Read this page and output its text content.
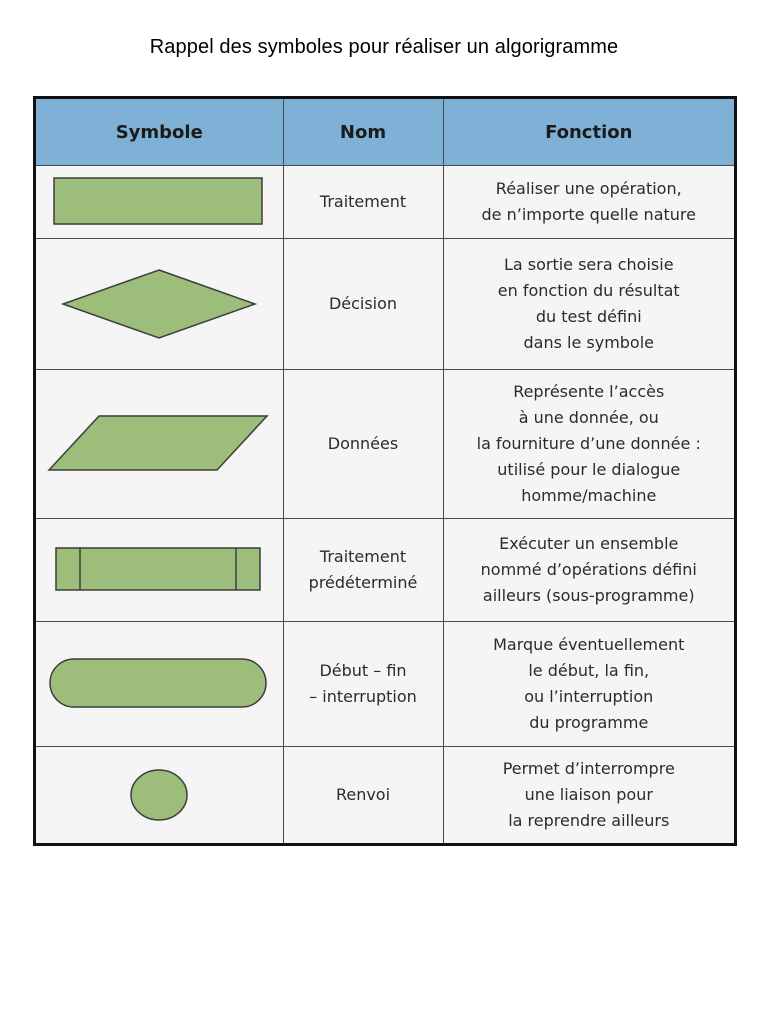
Rappel des symboles pour réaliser un algorigramme
Symbole	Nom	Fonction

	Traitement	Réaliser une opération,
de n’importe quelle nature

	Décision	La sortie sera choisie
en fonction du résultat
du test défini
dans le symbole

	Données	Représente l’accès
à une donnée, ou
la fourniture d’une donnée :
utilisé pour le dialogue
homme/machine

	Traitement
prédéterminé	Exécuter un ensemble
nommé d’opérations défini
ailleurs (sous-programme)

	Début – fin
– interruption	Marque éventuellement
le début, la fin,
ou l’interruption
du programme

	Renvoi	Permet d’interrompre
une liaison pour
la reprendre ailleurs
